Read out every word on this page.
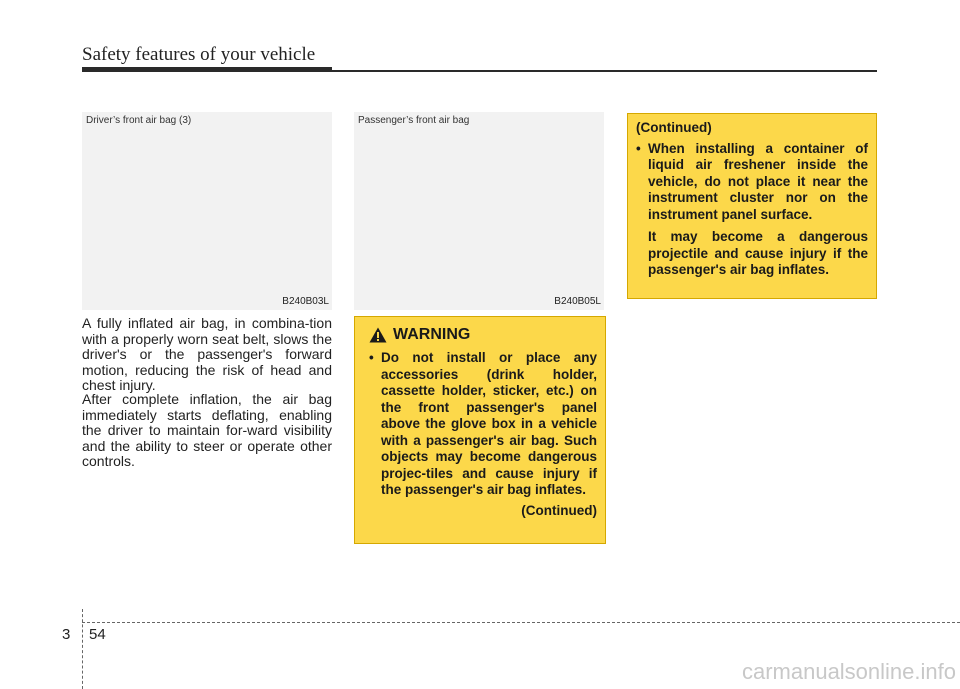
Safety features of your vehicle
Driver’s front air bag (3)
B240B03L
Passenger’s front air bag
B240B05L

A fully inflated air bag, in combina-tion with a properly worn seat belt, slows the driver's or the passenger's forward motion, reducing the risk of head and chest injury.

After complete inflation, the air bag immediately starts deflating, enabling the driver to maintain for-ward visibility and the ability to steer or operate other controls.

WARNING
• Do not install or place any accessories (drink holder, cassette holder, sticker, etc.) on the front passenger's panel above the glove box in a vehicle with a passenger's air bag. Such objects may become dangerous projec-tiles and cause injury if the passenger's air bag inflates.
(Continued)
(Continued)
• When installing a container of liquid air freshener inside the vehicle, do not place it near the instrument cluster nor on the instrument panel surface.
It may become a dangerous projectile and cause injury if the passenger's air bag inflates.
3 54
carmanualsonline.info
